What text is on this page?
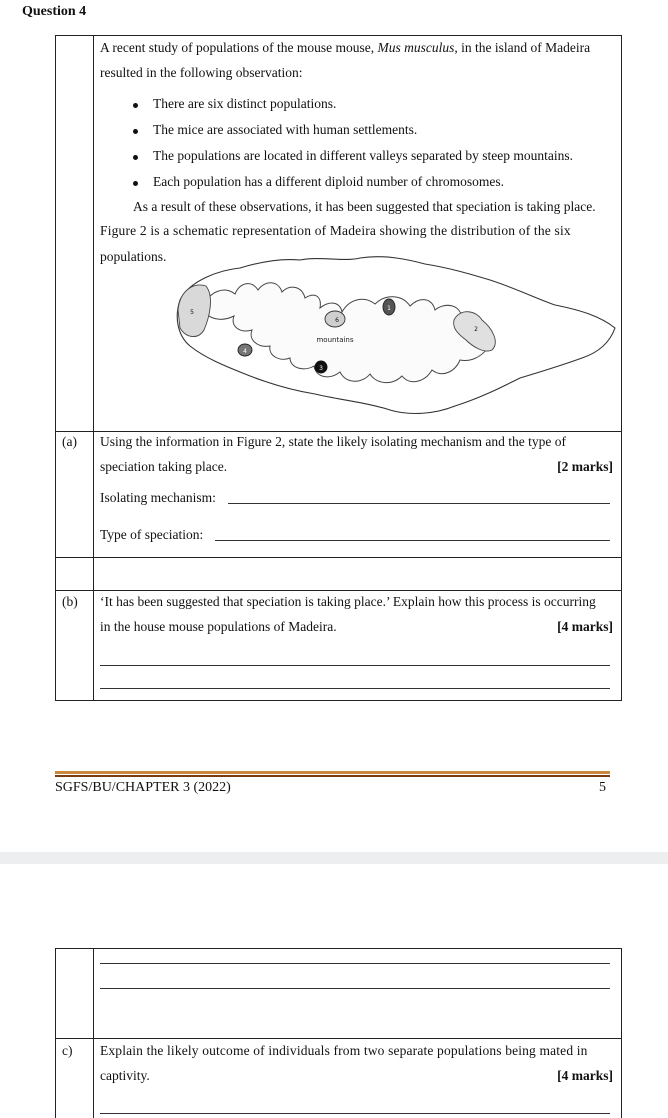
Question 4
A recent study of populations of the mouse mouse, Mus musculus, in the island of Madeira
resulted in the following observation:
There are six distinct populations.
The mice are associated with human settlements.
The populations are located in different valleys separated by steep mountains.
Each population has a different diploid number of chromosomes.
As a result of these observations, it has been suggested that speciation is taking place.
Figure 2 is a schematic representation of Madeira showing the distribution of the six
populations.
6
1
5
2
4
3
mountains
(a) Using the information in Figure 2, state the likely isolating mechanism and the type of
speciation taking place.	[2 marks]
Isolating mechanism:
Type of speciation:
(b) ‘It has been suggested that speciation is taking place.’ Explain how this process is occurring
in the house mouse populations of Madeira.	[4 marks]
SGFS/BU/CHAPTER 3 (2022)	5
c) Explain the likely outcome of individuals from two separate populations being mated in
captivity.	[4 marks]
